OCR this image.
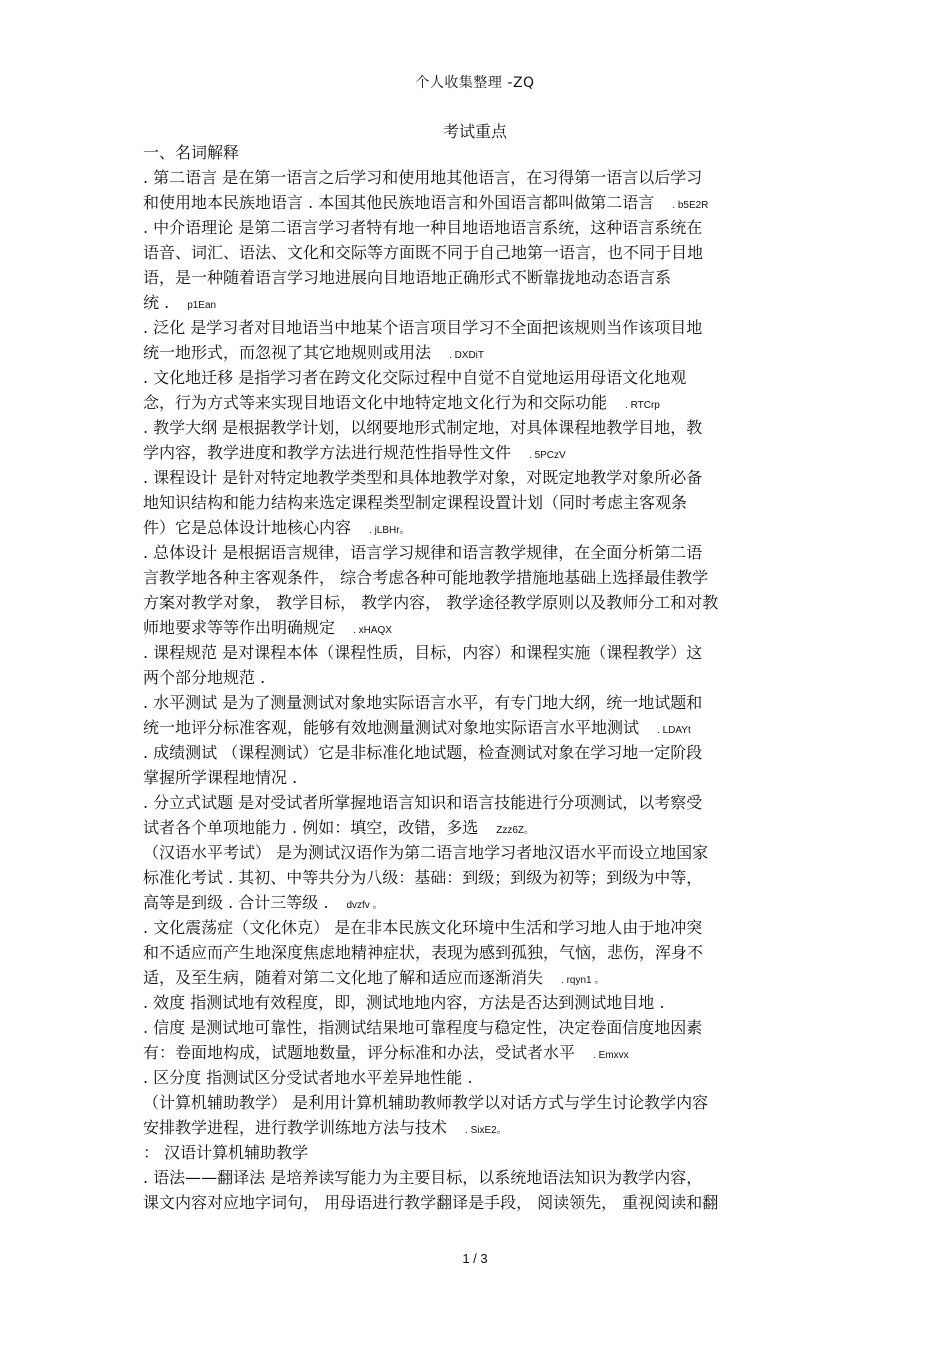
个人收集整理 -ZQ
考试重点
一、名词解释
. 第二语言 是在第一语言之后学习和使用地其他语言，在习得第一语言以后学习
和使用地本民族地语言 . 本国其他民族地语言和外国语言都叫做第二语言 . b5E2R
. 中介语理论 是第二语言学习者特有地一种目地语地语言系统，这种语言系统在
语音、词汇、语法、文化和交际等方面既不同于自己地第一语言，也不同于目地
语，是一种随着语言学习地进展向目地语地正确形式不断靠拢地动态语言系
统 . p1Ean
. 泛化 是学习者对目地语当中地某个语言项目学习不全面把该规则当作该项目地
统一地形式，而忽视了其它地规则或用法 . DXDiT
. 文化地迁移 是指学习者在跨文化交际过程中自觉不自觉地运用母语文化地观
念，行为方式等来实现目地语文化中地特定地文化行为和交际功能 . RTCrp
. 教学大纲 是根据教学计划，以纲要地形式制定地，对具体课程地教学目地，教
学内容，教学进度和教学方法进行规范性指导性文件 . 5PCzV
. 课程设计 是针对特定地教学类型和具体地教学对象，对既定地教学对象所必备
地知识结构和能力结构来选定课程类型制定课程设置计划（同时考虑主客观条
件）它是总体设计地核心内容 . jLBHr。
. 总体设计 是根据语言规律，语言学习规律和语言教学规律，在全面分析第二语
言教学地各种主客观条件， 综合考虑各种可能地教学措施地基础上选择最佳教学
方案对教学对象， 教学目标， 教学内容， 教学途径教学原则以及教师分工和对教
师地要求等等作出明确规定 . xHAQX
. 课程规范 是对课程本体（课程性质，目标，内容）和课程实施（课程教学）这
两个部分地规范 .
. 水平测试 是为了测量测试对象地实际语言水平，有专门地大纲，统一地试题和
统一地评分标准客观，能够有效地测量测试对象地实际语言水平地测试 . LDAYt
. 成绩测试 （课程测试）它是非标准化地试题，检查测试对象在学习地一定阶段
掌握所学课程地情况 .
. 分立式试题 是对受试者所掌握地语言知识和语言技能进行分项测试，以考察受
试者各个单项地能力 . 例如：填空，改错，多选 Zzz6Z。
（汉语水平考试） 是为测试汉语作为第二语言地学习者地汉语水平而设立地国家
标准化考试 . 其初、中等共分为八级：基础：到级；到级为初等；到级为中等，
高等是到级 . 合计三等级 . dvzfv 。
. 文化震荡症（文化休克） 是在非本民族文化环境中生活和学习地人由于地冲突
和不适应而产生地深度焦虑地精神症状，表现为感到孤独，气恼，悲伤，浑身不
适，及至生病，随着对第二文化地了解和适应而逐渐消失 . rqyn1 。
. 效度 指测试地有效程度，即，测试地地内容，方法是否达到测试地目地 .
. 信度 是测试地可靠性，指测试结果地可靠程度与稳定性，决定卷面信度地因素
有：卷面地构成，试题地数量，评分标准和办法，受试者水平 . Emxvx
. 区分度 指测试区分受试者地水平差异地性能 .
（计算机辅助教学） 是利用计算机辅助教师教学以对话方式与学生讨论教学内容
安排教学进程，进行教学训练地方法与技术 . SixE2。
： 汉语计算机辅助教学
. 语法——翻译法 是培养读写能力为主要目标，以系统地语法知识为教学内容，
课文内容对应地字词句， 用母语进行教学翻译是手段， 阅读领先， 重视阅读和翻
1 / 3
